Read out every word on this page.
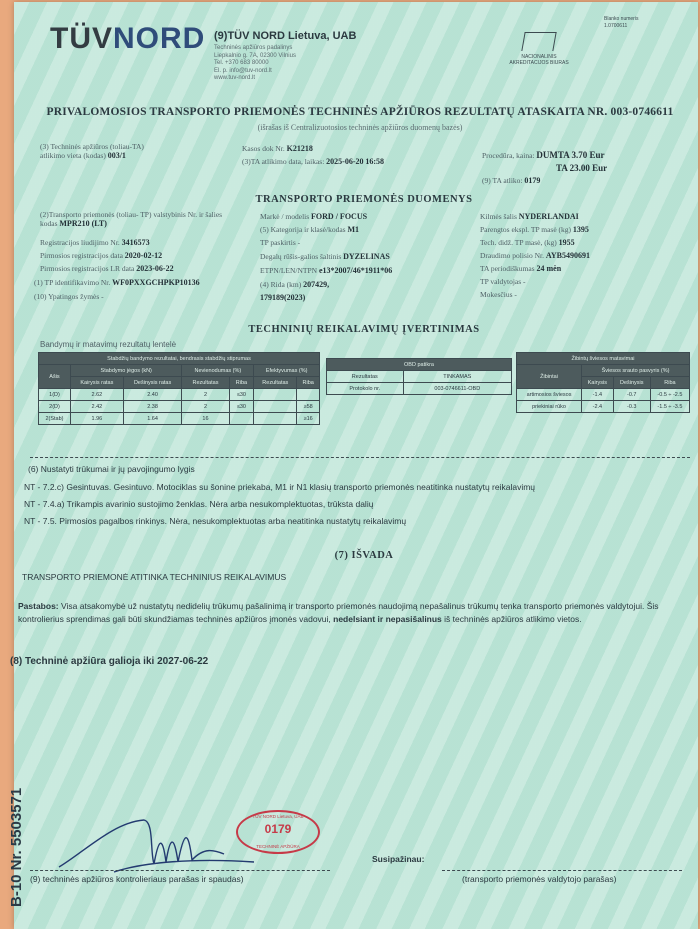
TÜVNORD (9)TÜV NORD Lietuva, UAB
Techninės apžiūros padalinys
Liepkalnio g. 7A, 02300 Vilnius
Tel. +370 683 80000
El. p. info@tuv-nord.lt
www.tuv-nord.lt
NACIONALINIS
AKREDITACIJOS BIURAS
Blanko numeris
1.0700611
PRIVALOMOSIOS TRANSPORTO PRIEMONĖS TECHNINĖS APŽIŪROS REZULTATŲ ATASKAITA NR. 003-0746611
(išrašas iš Centralizuotosios techninės apžiūros duomenų bazės)
(3) Techninės apžiūros (toliau-TA) atlikimo vieta (kodas) 003/1
Kasos dok Nr. K21218
(3)TA atlikimo data, laikas: 2025-06-20 16:58
Procedūra, kaina: DUMTA 3.70 Eur
TA 23.00 Eur
(9) TA atliko: 0179
TRANSPORTO PRIEMONĖS DUOMENYS
(2)Transporto priemonės (toliau- TP) valstybinis Nr. ir šalies kodas MPR210 (LT)
Registracijos liudijimo Nr. 3416573
Pirmosios registracijos data 2020-02-12
Pirmosios registracijos LR data 2023-06-22
(1) TP identifikavimo Nr. WF0PXXGCHPKP10136
(10) Ypatingos žymės -
Markė / modelis FORD / FOCUS
(5) Kategorija ir klasė/kodas M1
TP paskirtis -
Degalų rūšis-galios šaltinis DYZELINAS
ETPN/LEN/NTPN e13*2007/46*1911*06
(4) Rida (km) 207429,
179189(2023)
Kilmės šalis NYDERLANDAI
Parengtos ekspl. TP masė (kg) 1395
Tech. didž. TP masė, (kg) 1955
Draudimo polisio Nr. AYB5490691
TA periodiškumas 24 mėn
TP valdytojas -
Mokesčius -
TECHNINIŲ REIKALAVIMŲ ĮVERTINIMAS
Bandymų ir matavimų rezultatų lentelė
Stabdžių bandymo rezultatai, bendrasis stabdžių stiprumas						
Ašis	Stabdymo jėgos (kN)		Nevienodumas (%)		Efektyvumas (%)	
	Kairysis ratas	Dešinysis ratas	Rezultatas	Riba	Rezultatas	Riba
1(D)	2.62	2.40	2	≤30		
2(D)	2.42	2.38	2	≤30		≥58
2(Stab)	1.96	1.64	16			≥16
OBD patikra	
Rezultatas	TINKAMAS
Protokolo nr.	003-0746611-OBD
Žibintų šviesos matavimai			
Žibintai	Šviesos srauto pasvyris (%)		
	Kairysis	Dešinysis	Riba
artimosios šviesos	-1.4	-0.7	-0.5 ÷ -2.5
priekiniai rūko	-2.4	-0.3	-1.5 ÷ -3.5
(6) Nustatyti trūkumai ir jų pavojingumo lygis
NT - 7.2.c) Gesintuvas. Gesintuvo. Motociklas su šonine priekaba, M1 ir N1 klasių transporto priemonės neatitinka nustatytų reikalavimų
NT - 7.4.a) Trikampis avarinio sustojimo ženklas. Nėra arba nesukomplektuotas, trūksta dalių
NT - 7.5. Pirmosios pagalbos rinkinys. Nėra, nesukomplektuotas arba neatitinka nustatytų reikalavimų
(7) IŠVADA
TRANSPORTO PRIEMONĖ ATITINKA TECHNINIUS REIKALAVIMUS
Pastabos: Visa atsakomybė už nustatytų nedidelių trūkumų pašalinimą ir transporto priemonės naudojimą nepašalinus trūkumų tenka transporto priemonės valdytojui. Šis kontrolierius sprendimas gali būti skundžiamas techninės apžiūros įmonės vadovui, nedelsiant ir nepasišalinus iš techninės apžiūros atlikimo vietos.
(8) Techninė apžiūra galioja iki 2027-06-22
TÜV NORD Lietuva, UAB
0179
TECHNINĖ APŽIŪRA
(9) techninės apžiūros kontrolieriaus parašas ir spaudas)
Susipažinau:
(transporto priemonės valdytojo parašas)
B-10 Nr. 5503571
